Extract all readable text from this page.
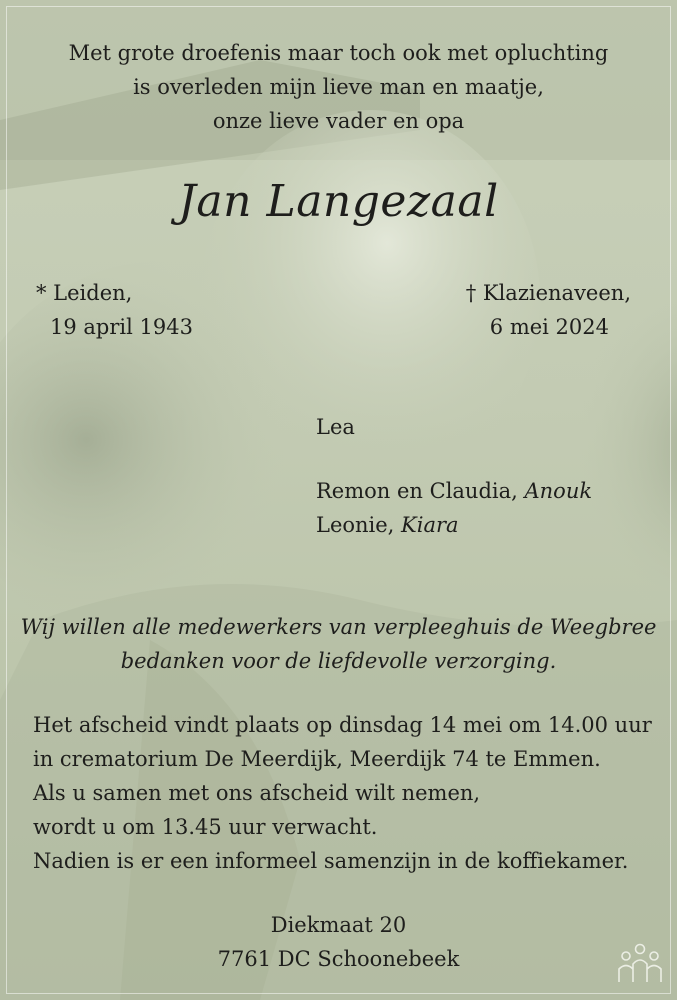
Met grote droefenis maar toch ook met opluchting
is overleden mijn lieve man en maatje,
onze lieve vader en opa
Jan Langezaal
* Leiden,
19 april 1943
† Klazienaveen,
6 mei 2024
Lea
Remon en Claudia, Anouk
Leonie, Kiara
Wij willen alle medewerkers van verpleeghuis de Weegbree
bedanken voor de liefdevolle verzorging.
Het afscheid vindt plaats op dinsdag 14 mei om 14.00 uur
in crematorium De Meerdijk, Meerdijk 74 te Emmen.
Als u samen met ons afscheid wilt nemen,
wordt u om 13.45 uur verwacht.
Nadien is er een informeel samenzijn in de koffiekamer.
Diekmaat 20
7761 DC Schoonebeek
